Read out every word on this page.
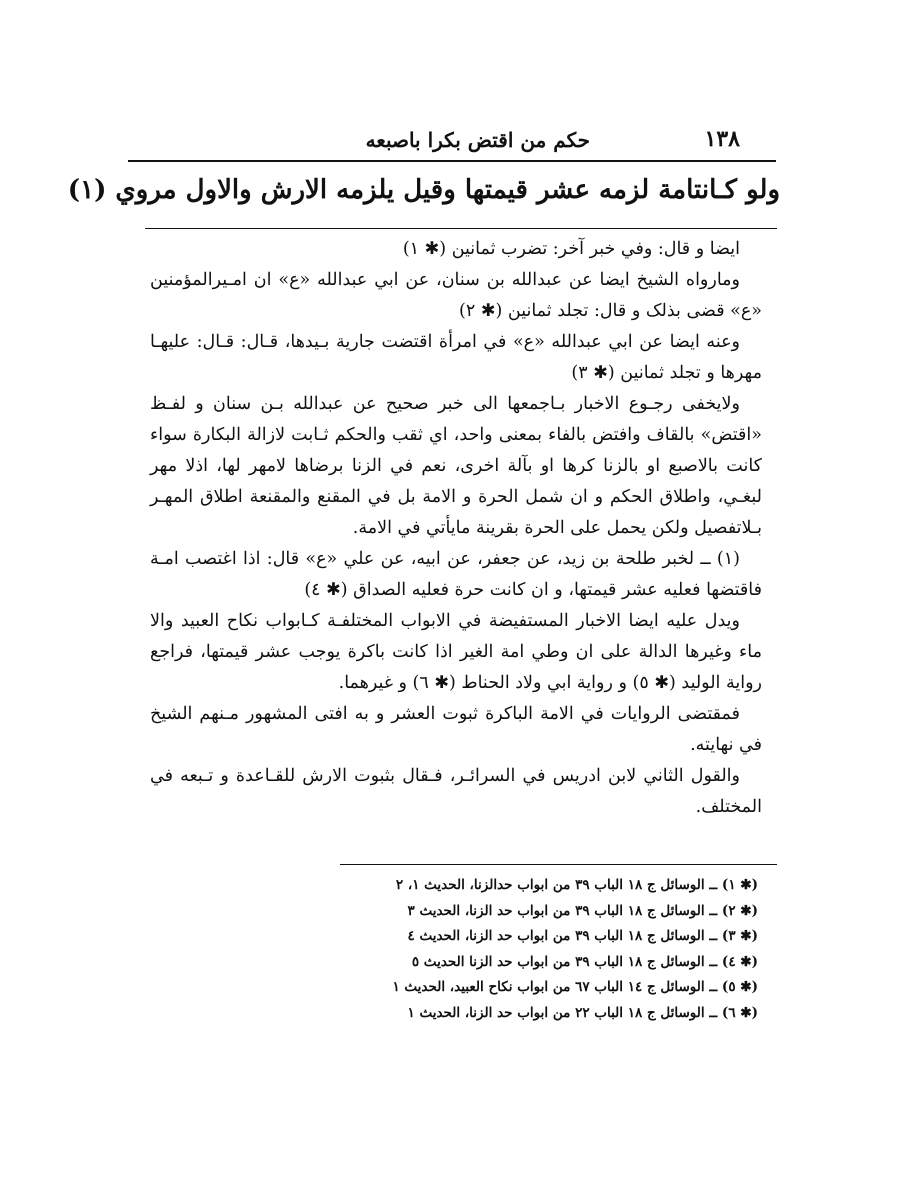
١٣٨
حكم من اقتض بكرا باصبعه
ولو كـانتامة لزمه عشر قيمتها وقيل يلزمه الارش والاول مروي (١)

ايضا و قال: وفي خبر آخر: تضرب ثمانين (✱ ١)

ومارواه الشيخ ايضا عن عبدالله بن سنان، عن ابي عبدالله «ع» ان امـيرالمؤمنين «ع» قضى بذلک و قال: تجلد ثمانين (✱ ٢)

وعنه ايضا عن ابي عبدالله «ع» في امرأة اقتضت جارية بـيدها، قـال: قـال: عليهـا مهرها و تجلد ثمانين (✱ ٣)

ولايخفى رجـوع الاخبار بـاجمعها الى خبر صحيح عن عبدالله بـن سنان و لفـظ «اقتض» بالقاف وافتض بالفاء بمعنى واحد، اي ثقب والحكم ثـابت لازالة البكارة سواء كانت بالاصبع او بالزنا كرها او بآلة اخرى، نعم في الزنا برضاها لامهر لها، اذلا مهر لبغـي، واطلاق الحكم و ان شمل الحرة و الامة بل في المقنع والمقنعة اطلاق المهـر بـلاتفصيل ولكن يحمل على الحرة بقرينة مايأتي في الامة.

(١) ــ لخبر طلحة بن زيد، عن جعفر، عن ابيه، عن علي «ع» قال: اذا اغتصب امـة فاقتضها فعليه عشر قيمتها، و ان كانت حرة فعليه الصداق (✱ ٤)

ويدل عليه ايضا الاخبار المستفيضة في الابواب المختلفـة كـابواب نكاح العبيد والا ماء وغيرها الدالة على ان وطي امة الغير اذا كانت باكرة يوجب عشر قيمتها، فراجع رواية الوليد (✱ ٥) و رواية ابي ولاد الحناط (✱ ٦) و غيرهما.

فمقتضى الروايات في الامة الباكرة ثبوت العشر و به افتى المشهور مـنهم الشيخ في نهايته.

والقول الثاني لابن ادريس في السرائـر، فـقال بثبوت الارش للقـاعدة و تـبعه في المختلف.

(✱ ١) ــ الوسائل ج ١٨ الباب ٣٩ من ابواب حدالزنا، الحديث ١، ٢
(✱ ٢) ــ الوسائل ج ١٨ الباب ٣٩ من ابواب حد الزنا، الحديث ٣
(✱ ٣) ــ الوسائل ج ١٨ الباب ٣٩ من ابواب حد الزنا، الحديث ٤
(✱ ٤) ــ الوسائل ج ١٨ الباب ٣٩ من ابواب حد الزنا الحديث ٥
(✱ ٥) ــ الوسائل ج ١٤ الباب ٦٧ من ابواب نكاح العبيد، الحديث ١
(✱ ٦) ــ الوسائل ج ١٨ الباب ٢٢ من ابواب حد الزنا، الحديث ١
